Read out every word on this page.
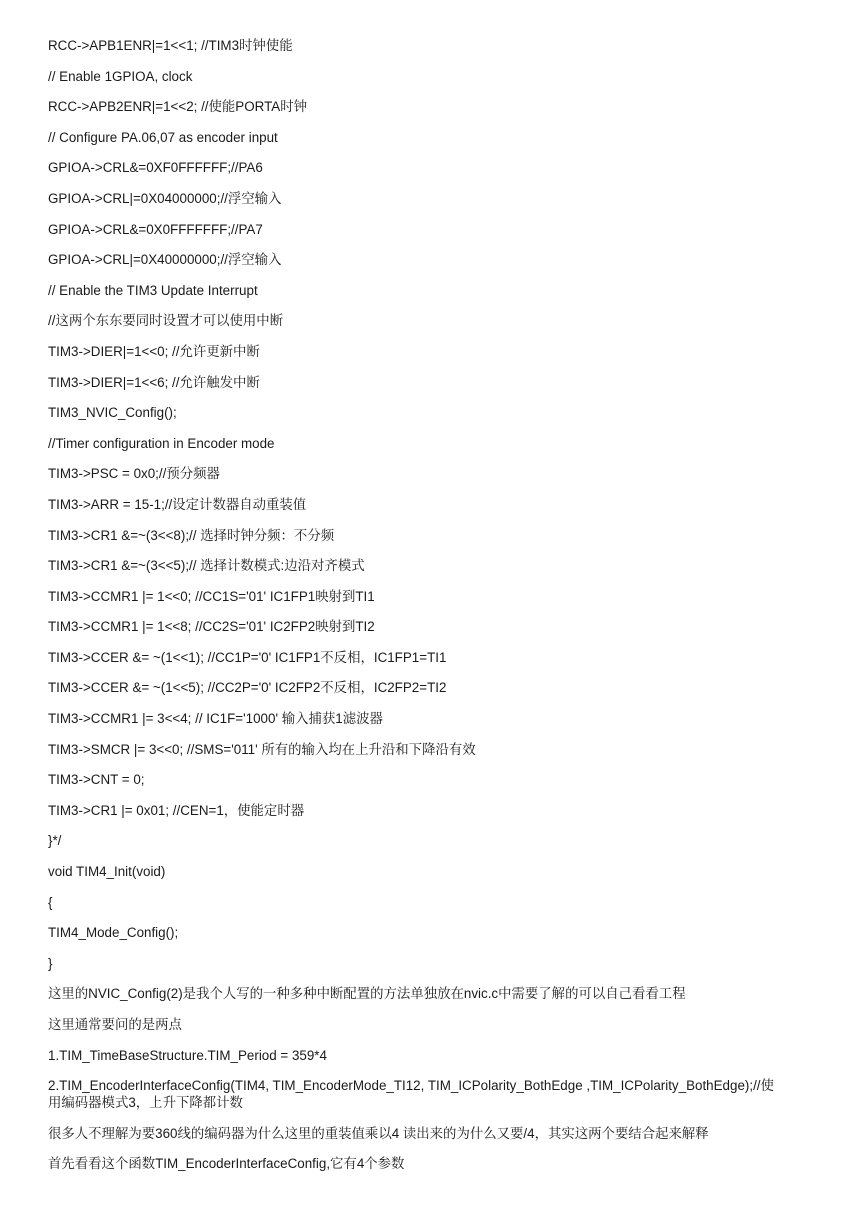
RCC->APB1ENR|=1<<1; //TIM3时钟使能

// Enable 1GPIOA, clock

RCC->APB2ENR|=1<<2; //使能PORTA时钟

// Configure PA.06,07 as encoder input

GPIOA->CRL&=0XF0FFFFFF;//PA6

GPIOA->CRL|=0X04000000;//浮空输入

GPIOA->CRL&=0X0FFFFFFF;//PA7

GPIOA->CRL|=0X40000000;//浮空输入

// Enable the TIM3 Update Interrupt

//这两个东东要同时设置才可以使用中断

TIM3->DIER|=1<<0; //允许更新中断

TIM3->DIER|=1<<6; //允许触发中断

TIM3_NVIC_Config();

//Timer configuration in Encoder mode

TIM3->PSC = 0x0;//预分频器

TIM3->ARR = 15-1;//设定计数器自动重装值

TIM3->CR1 &=~(3<<8);// 选择时钟分频：不分频

TIM3->CR1 &=~(3<<5);// 选择计数模式:边沿对齐模式

TIM3->CCMR1 |= 1<<0; //CC1S='01' IC1FP1映射到TI1

TIM3->CCMR1 |= 1<<8; //CC2S='01' IC2FP2映射到TI2

TIM3->CCER &= ~(1<<1); //CC1P='0' IC1FP1不反相，IC1FP1=TI1

TIM3->CCER &= ~(1<<5); //CC2P='0' IC2FP2不反相，IC2FP2=TI2

TIM3->CCMR1 |= 3<<4; // IC1F='1000' 输入捕获1滤波器

TIM3->SMCR |= 3<<0; //SMS='011' 所有的输入均在上升沿和下降沿有效

TIM3->CNT = 0;

TIM3->CR1 |= 0x01; //CEN=1，使能定时器

}*/

void TIM4_Init(void)

{

TIM4_Mode_Config();

}

这里的NVIC_Config(2)是我个人写的一种多种中断配置的方法单独放在nvic.c中需要了解的可以自己看看工程

这里通常要问的是两点

1.TIM_TimeBaseStructure.TIM_Period = 359*4

2.TIM_EncoderInterfaceConfig(TIM4, TIM_EncoderMode_TI12, TIM_ICPolarity_BothEdge ,TIM_ICPolarity_BothEdge);//使
用编码器模式3，上升下降都计数

很多人不理解为要360线的编码器为什么这里的重装值乘以4 读出来的为什么又要/4，其实这两个要结合起来解释

首先看看这个函数TIM_EncoderInterfaceConfig,它有4个参数
